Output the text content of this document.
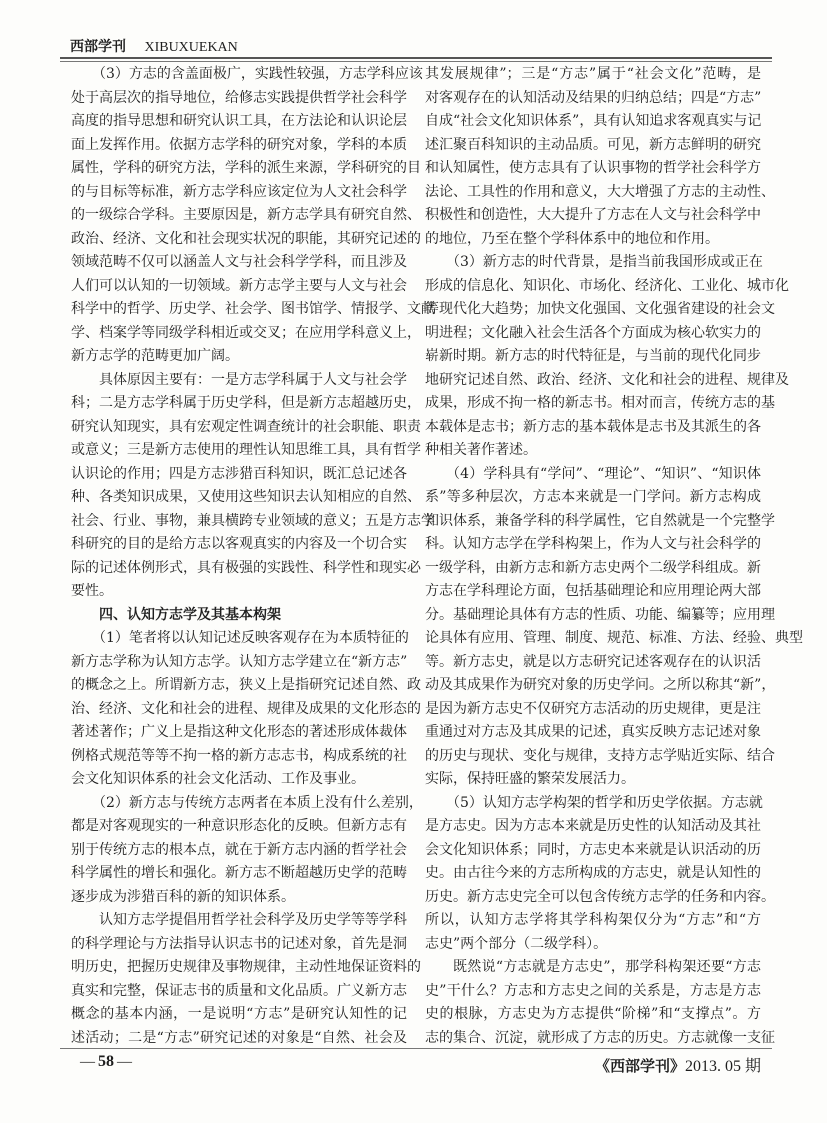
西部学刊 XIBUXUEKAN
（3）方志的含盖面极广，实践性较强，方志学科应该
处于高层次的指导地位，给修志实践提供哲学社会科学
高度的指导思想和研究认识工具，在方法论和认识论层
面上发挥作用。依据方志学科的研究对象，学科的本质
属性，学科的研究方法，学科的派生来源，学科研究的目
的与目标等标准，新方志学科应该定位为人文社会科学
的一级综合学科。主要原因是，新方志学具有研究自然、
政治、经济、文化和社会现实状况的职能，其研究记述的
领域范畴不仅可以涵盖人文与社会科学学科，而且涉及
人们可以认知的一切领域。新方志学主要与人文与社会
科学中的哲学、历史学、社会学、图书馆学、情报学、文献
学、档案学等同级学科相近或交叉；在应用学科意义上，
新方志学的范畴更加广阔。
具体原因主要有：一是方志学科属于人文与社会学
科；二是方志学科属于历史学科，但是新方志超越历史，
研究认知现实，具有宏观定性调查统计的社会职能、职责
或意义；三是新方志使用的理性认知思维工具，具有哲学
认识论的作用；四是方志涉猎百科知识，既汇总记述各
种、各类知识成果，又使用这些知识去认知相应的自然、
社会、行业、事物，兼具横跨专业领域的意义；五是方志学
科研究的目的是给方志以客观真实的内容及一个切合实
际的记述体例形式，具有极强的实践性、科学性和现实必
要性。
四、认知方志学及其基本构架
（1）笔者将以认知记述反映客观存在为本质特征的
新方志学称为认知方志学。认知方志学建立在“新方志”
的概念之上。所谓新方志，狭义上是指研究记述自然、政
治、经济、文化和社会的进程、规律及成果的文化形态的
著述著作；广义上是指这种文化形态的著述形成体裁体
例格式规范等等不拘一格的新方志志书，构成系统的社
会文化知识体系的社会文化活动、工作及事业。
（2）新方志与传统方志两者在本质上没有什么差别，
都是对客观现实的一种意识形态化的反映。但新方志有
别于传统方志的根本点，就在于新方志内涵的哲学社会
科学属性的增长和强化。新方志不断超越历史学的范畴
逐步成为涉猎百科的新的知识体系。
认知方志学提倡用哲学社会科学及历史学等等学科
的科学理论与方法指导认识志书的记述对象，首先是洞
明历史，把握历史规律及事物规律，主动性地保证资料的
真实和完整，保证志书的质量和文化品质。广义新方志
概念的基本内涵，一是说明“方志”是研究认知性的记
述活动；二是“方志”研究记述的对象是“自然、社会及
其发展规律”；三是“方志”属于“社会文化”范畴，是
对客观存在的认知活动及结果的归纳总结；四是“方志”
自成“社会文化知识体系”，具有认知追求客观真实与记
述汇聚百科知识的主动品质。可见，新方志鲜明的研究
和认知属性，使方志具有了认识事物的哲学社会科学方
法论、工具性的作用和意义，大大增强了方志的主动性、
积极性和创造性，大大提升了方志在人文与社会科学中
的地位，乃至在整个学科体系中的地位和作用。
（3）新方志的时代背景，是指当前我国形成或正在
形成的信息化、知识化、市场化、经济化、工业化、城市化
等现代化大趋势；加快文化强国、文化强省建设的社会文
明进程；文化融入社会生活各个方面成为核心软实力的
崭新时期。新方志的时代特征是，与当前的现代化同步
地研究记述自然、政治、经济、文化和社会的进程、规律及
成果，形成不拘一格的新志书。相对而言，传统方志的基
本载体是志书；新方志的基本载体是志书及其派生的各
种相关著作著述。
（4）学科具有“学问”、“理论”、“知识”、“知识体
系”等多种层次，方志本来就是一门学问。新方志构成
知识体系，兼备学科的科学属性，它自然就是一个完整学
科。认知方志学在学科构架上，作为人文与社会科学的
一级学科，由新方志和新方志史两个二级学科组成。新
方志在学科理论方面，包括基础理论和应用理论两大部
分。基础理论具体有方志的性质、功能、编纂等；应用理
论具体有应用、管理、制度、规范、标准、方法、经验、典型
等。新方志史，就是以方志研究记述客观存在的认识活
动及其成果作为研究对象的历史学问。之所以称其“新”，
是因为新方志史不仅研究方志活动的历史规律，更是注
重通过对方志及其成果的记述，真实反映方志记述对象
的历史与现状、变化与规律，支持方志学贴近实际、结合
实际，保持旺盛的繁荣发展活力。
（5）认知方志学构架的哲学和历史学依据。方志就
是方志史。因为方志本来就是历史性的认知活动及其社
会文化知识体系；同时，方志史本来就是认识活动的历
史。由古往今来的方志所构成的方志史，就是认知性的
历史。新方志史完全可以包含传统方志学的任务和内容。
所以，认知方志学将其学科构架仅分为“方志”和“方
志史”两个部分（二级学科）。
既然说“方志就是方志史”，那学科构架还要“方志
史”干什么？方志和方志史之间的关系是，方志是方志
史的根脉，方志史为方志提供“阶梯”和“支撑点”。方
志的集合、沉淀，就形成了方志的历史。方志就像一支征
— 58 —	《西部学刊》2013. 05 期
